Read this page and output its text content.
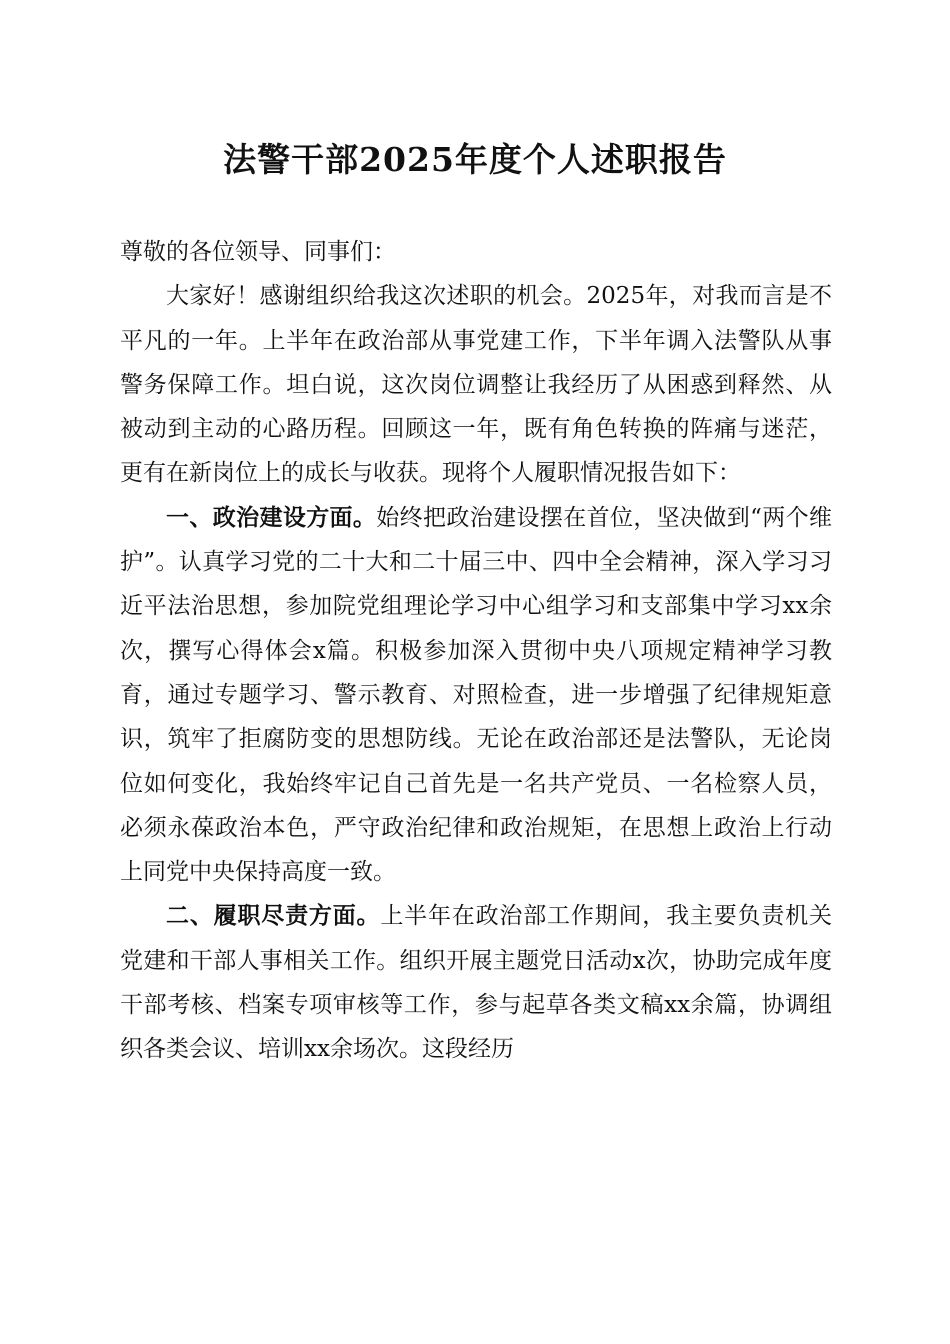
法警干部2025年度个人述职报告

尊敬的各位领导、同事们：

大家好！感谢组织给我这次述职的机会。2025年，对我而言是不平凡的一年。上半年在政治部从事党建工作，下半年调入法警队从事警务保障工作。坦白说，这次岗位调整让我经历了从困惑到释然、从被动到主动的心路历程。回顾这一年，既有角色转换的阵痛与迷茫，更有在新岗位上的成长与收获。现将个人履职情况报告如下：

一、政治建设方面。始终把政治建设摆在首位，坚决做到“两个维护”。认真学习党的二十大和二十届三中、四中全会精神，深入学习习近平法治思想，参加院党组理论学习中心组学习和支部集中学习xx余次，撰写心得体会x篇。积极参加深入贯彻中央八项规定精神学习教育，通过专题学习、警示教育、对照检查，进一步增强了纪律规矩意识，筑牢了拒腐防变的思想防线。无论在政治部还是法警队，无论岗位如何变化，我始终牢记自己首先是一名共产党员、一名检察人员，必须永葆政治本色，严守政治纪律和政治规矩，在思想上政治上行动上同党中央保持高度一致。

二、履职尽责方面。上半年在政治部工作期间，我主要负责机关党建和干部人事相关工作。组织开展主题党日活动x次，协助完成年度干部考核、档案专项审核等工作，参与起草各类文稿xx余篇，协调组织各类会议、培训xx余场次。这段经历
